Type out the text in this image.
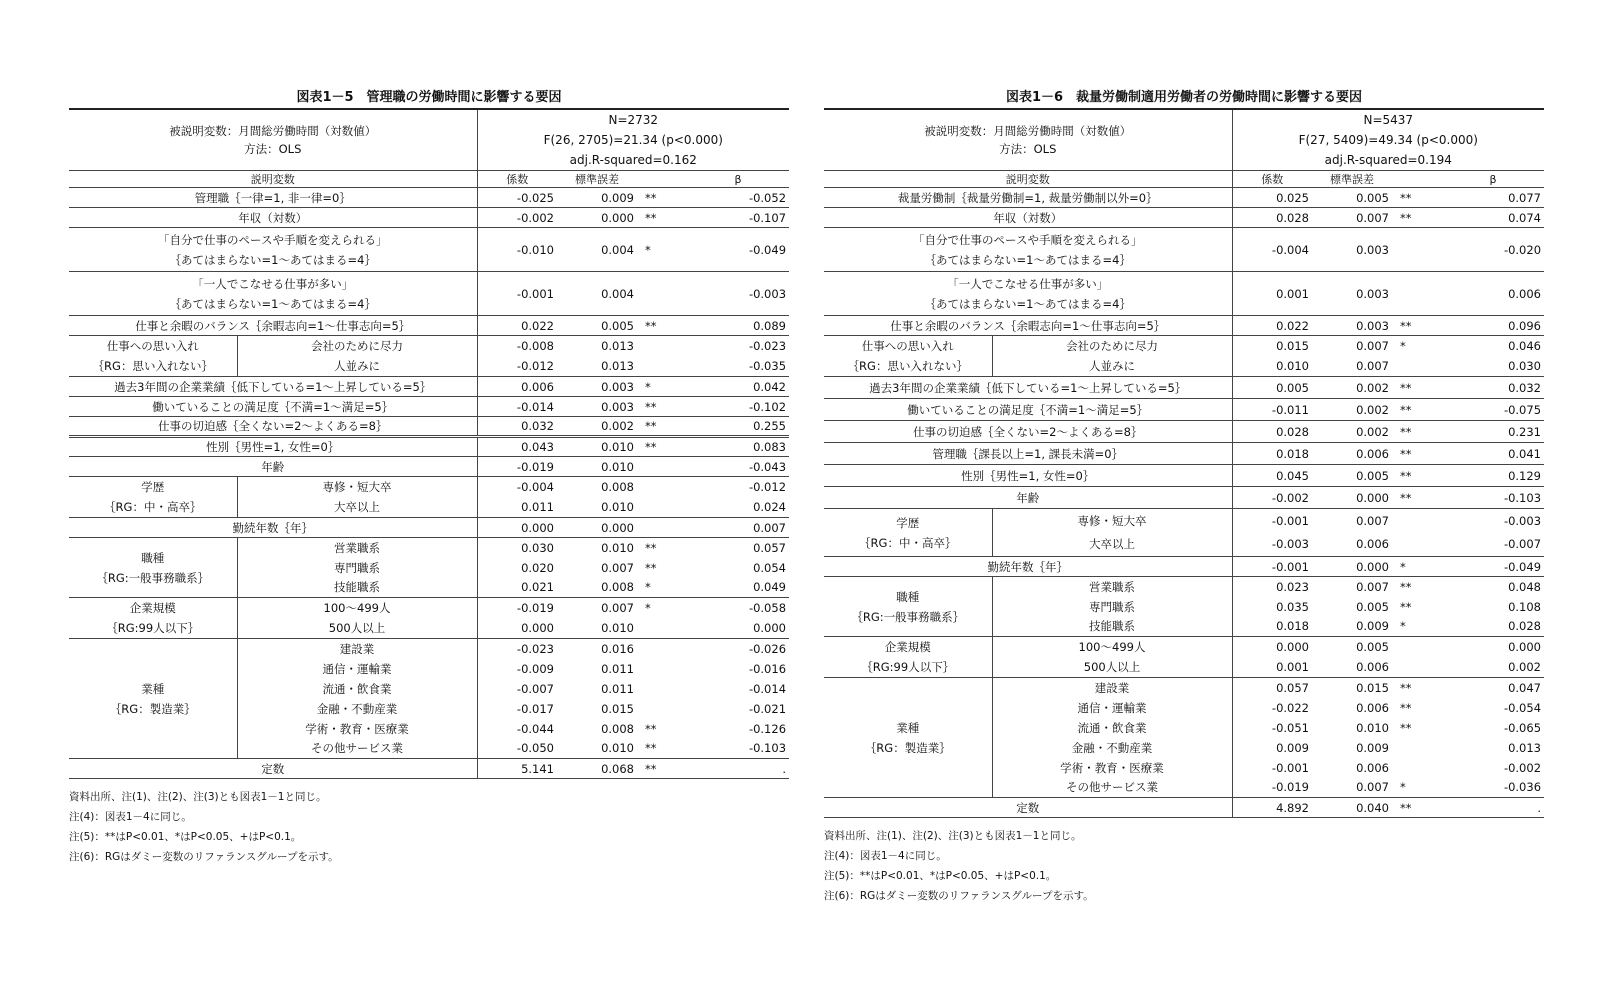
図表1－5　管理職の労働時間に影響する要因
被説明変数：月間総労働時間（対数値）
方法：OLS		N=2732			
		F(26, 2705)=21.34 (p<0.000)			
		adj.R-squared=0.162			
説明変数		係数	標準誤差		β
管理職｛一律=1, 非一律=0｝		-0.025	0.009	**	-0.052
年収（対数）		-0.002	0.000	**	-0.107

「自分で仕事のペースや手順を変えられる」
｛あてはまらない=1～あてはまる=4｝		-0.010	0.004	*	-0.049

「一人でこなせる仕事が多い」
｛あてはまらない=1～あてはまる=4｝		-0.001	0.004		-0.003
仕事と余暇のバランス｛余暇志向=1～仕事志向=5｝		0.022	0.005	**	0.089

仕事への思い入れ
｛RG：思い入れない｝	会社のために尽力	-0.008	0.013		-0.023
	人並みに	-0.012	0.013		-0.035
過去3年間の企業業績｛低下している=1～上昇している=5｝		0.006	0.003	*	0.042
働いていることの満足度｛不満=1～満足=5｝		-0.014	0.003	**	-0.102
仕事の切迫感｛全くない=2～よくある=8｝		0.032	0.002	**	0.255
性別｛男性=1, 女性=0｝		0.043	0.010	**	0.083
年齢		-0.019	0.010		-0.043

学歴
｛RG：中・高卒｝	専修・短大卒	-0.004	0.008		-0.012
	大卒以上	0.011	0.010		0.024
勤続年数｛年｝		0.000	0.000		0.007

職種
｛RG:一般事務職系｝	営業職系	0.030	0.010	**	0.057
	専門職系	0.020	0.007	**	0.054
	技能職系	0.021	0.008	*	0.049

企業規模
｛RG:99人以下｝	100～499人	-0.019	0.007	*	-0.058
	500人以上	0.000	0.010		0.000

業種
｛RG：製造業｝	建設業	-0.023	0.016		-0.026
	通信・運輸業	-0.009	0.011		-0.016
	流通・飲食業	-0.007	0.011		-0.014
	金融・不動産業	-0.017	0.015		-0.021
	学術・教育・医療業	-0.044	0.008	**	-0.126
	その他サービス業	-0.050	0.010	**	-0.103
定数		5.141	0.068	**	.
資料出所、注(1)、注(2)、注(3)とも図表1－1と同じ。
注(4)：図表1－4に同じ。
注(5)：**はP<0.01、*はP<0.05、+はP<0.1。
注(6)：RGはダミー変数のリファランスグループを示す。
図表1－6　裁量労働制適用労働者の労働時間に影響する要因
被説明変数：月間総労働時間（対数値）
方法：OLS		N=5437			
		F(27, 5409)=49.34 (p<0.000)			
		adj.R-squared=0.194			
説明変数		係数	標準誤差		β
裁量労働制｛裁量労働制=1, 裁量労働制以外=0｝		0.025	0.005	**	0.077
年収（対数）		0.028	0.007	**	0.074

「自分で仕事のペースや手順を変えられる」
｛あてはまらない=1～あてはまる=4｝		-0.004	0.003		-0.020

「一人でこなせる仕事が多い」
｛あてはまらない=1～あてはまる=4｝		0.001	0.003		0.006
仕事と余暇のバランス｛余暇志向=1～仕事志向=5｝		0.022	0.003	**	0.096

仕事への思い入れ
｛RG：思い入れない｝	会社のために尽力	0.015	0.007	*	0.046
	人並みに	0.010	0.007		0.030
過去3年間の企業業績｛低下している=1～上昇している=5｝		0.005	0.002	**	0.032
働いていることの満足度｛不満=1～満足=5｝		-0.011	0.002	**	-0.075
仕事の切迫感｛全くない=2～よくある=8｝		0.028	0.002	**	0.231
管理職｛課長以上=1, 課長未満=0｝		0.018	0.006	**	0.041
性別｛男性=1, 女性=0｝		0.045	0.005	**	0.129
年齢		-0.002	0.000	**	-0.103

学歴
｛RG：中・高卒｝	専修・短大卒	-0.001	0.007		-0.003
	大卒以上	-0.003	0.006		-0.007
勤続年数｛年｝		-0.001	0.000	*	-0.049

職種
｛RG:一般事務職系｝	営業職系	0.023	0.007	**	0.048
	専門職系	0.035	0.005	**	0.108
	技能職系	0.018	0.009	*	0.028

企業規模
｛RG:99人以下｝	100～499人	0.000	0.005		0.000
	500人以上	0.001	0.006		0.002

業種
｛RG：製造業｝	建設業	0.057	0.015	**	0.047
	通信・運輸業	-0.022	0.006	**	-0.054
	流通・飲食業	-0.051	0.010	**	-0.065
	金融・不動産業	0.009	0.009		0.013
	学術・教育・医療業	-0.001	0.006		-0.002
	その他サービス業	-0.019	0.007	*	-0.036
定数		4.892	0.040	**	.
資料出所、注(1)、注(2)、注(3)とも図表1－1と同じ。
注(4)：図表1－4に同じ。
注(5)：**はP<0.01、*はP<0.05、+はP<0.1。
注(6)：RGはダミー変数のリファランスグループを示す。
